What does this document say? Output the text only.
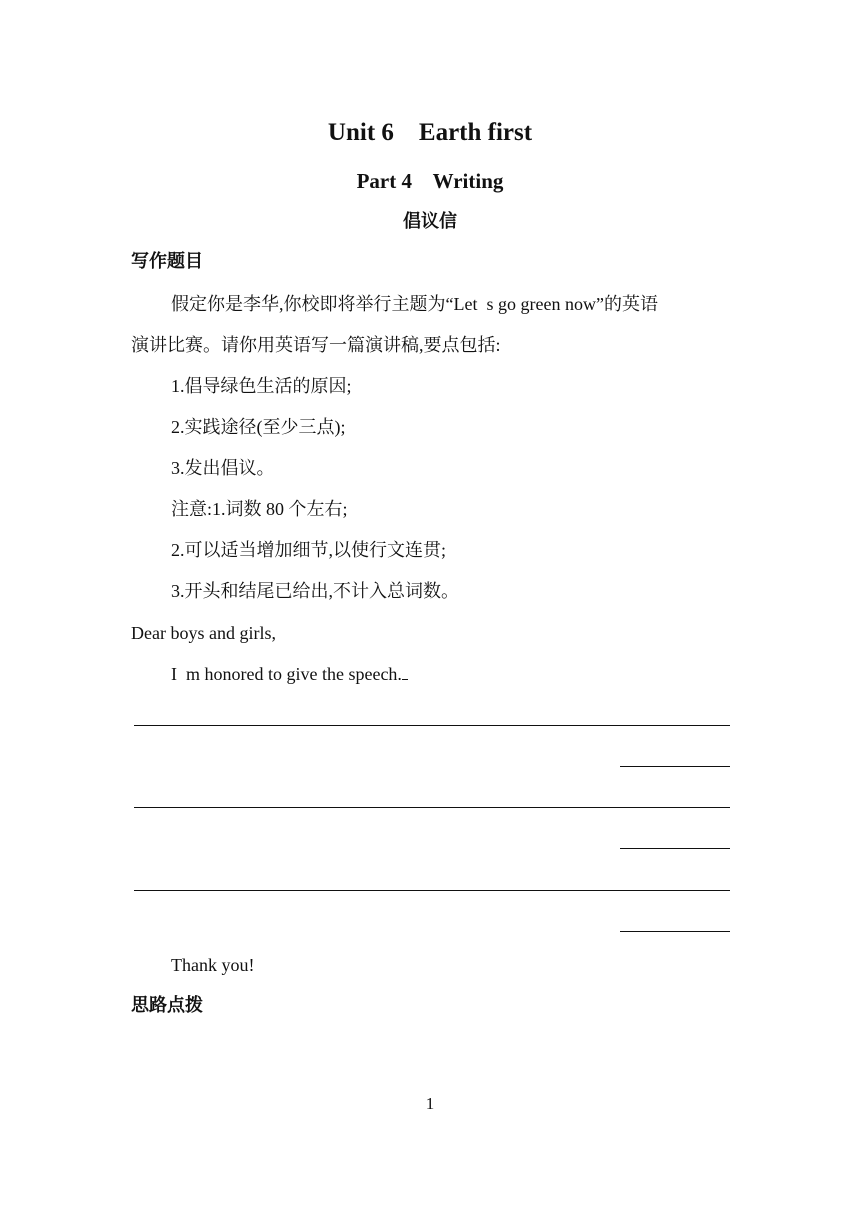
Unit 6    Earth first
Part 4    Writing
倡议信
写作题目
假定你是李华,你校即将举行主题为“Let  s go green now”的英语
演讲比赛。请你用英语写一篇演讲稿,要点包括:
1.倡导绿色生活的原因;
2.实践途径(至少三点);
3.发出倡议。
注意:1.词数 80 个左右;
2.可以适当增加细节,以使行文连贯;
3.开头和结尾已给出,不计入总词数。
Dear boys and girls,
I  m honored to give the speech.
Thank you!
思路点拨
1
